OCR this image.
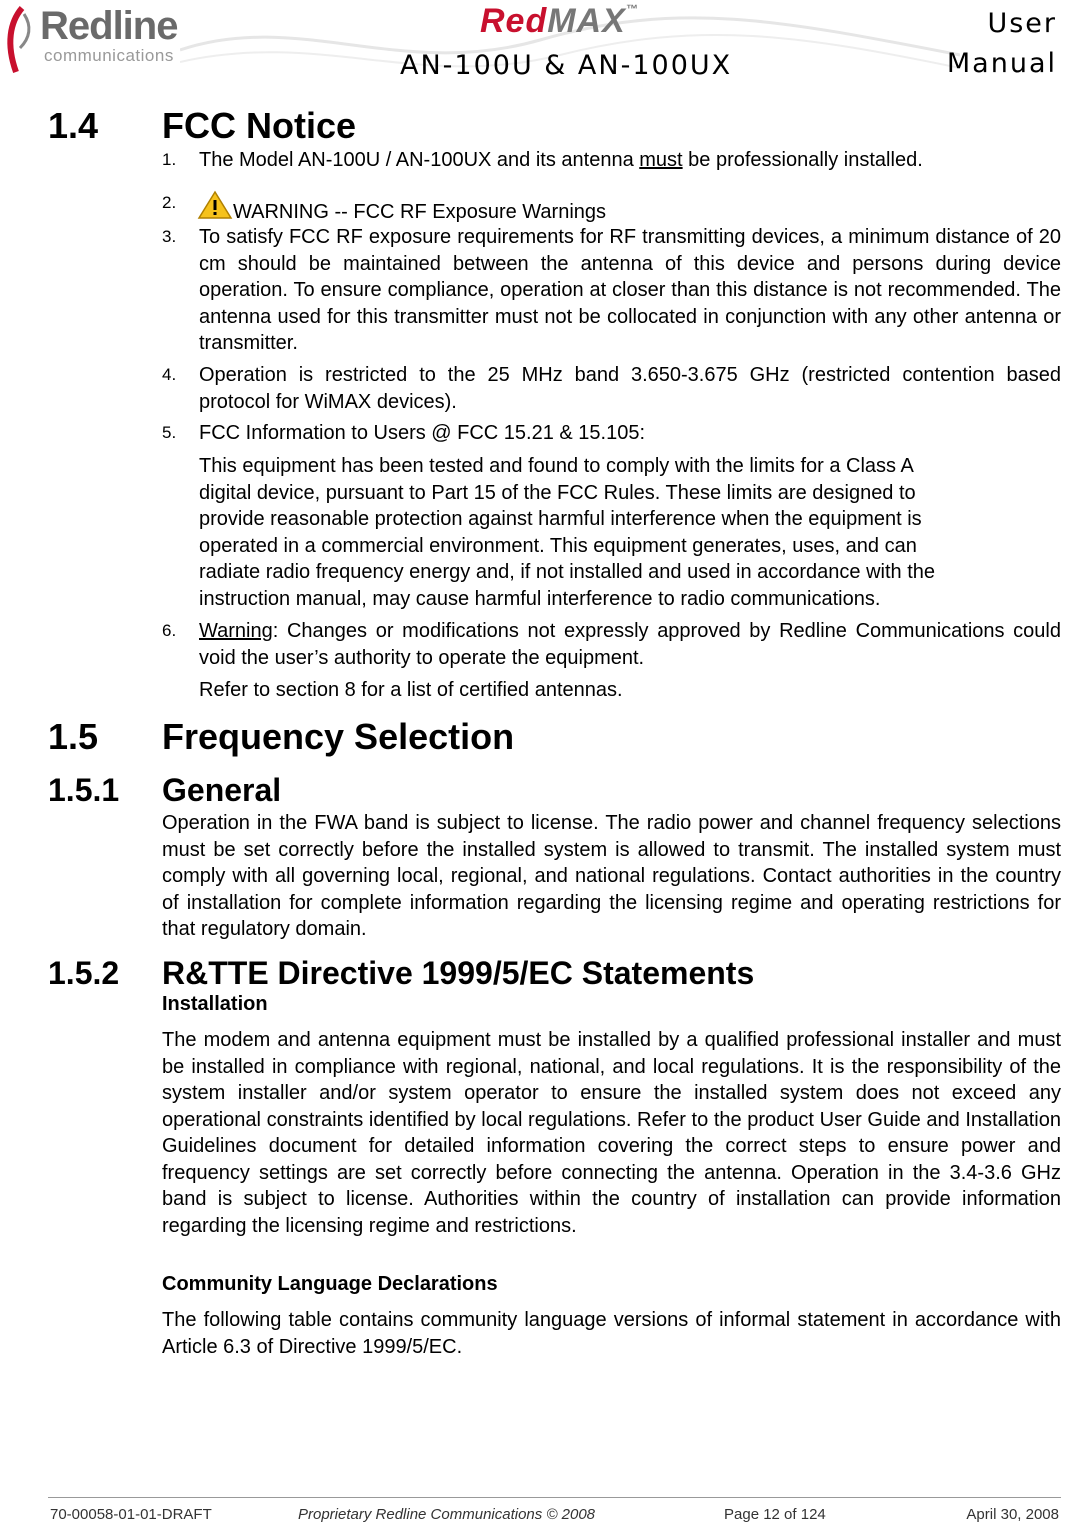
Redline
communications
RedMAX™
AN-100U & AN-100UX
User
Manual
1.4 FCC Notice
1. The Model AN-100U / AN-100UX and its antenna must be professionally installed.
2.	WARNING -- FCC RF Exposure Warnings
3. To satisfy FCC RF exposure requirements for RF transmitting devices, a minimum distance of 20 cm should be maintained between the antenna of this device and persons during device operation. To ensure compliance, operation at closer than this distance is not recommended. The antenna used for this transmitter must not be collocated in conjunction with any other antenna or transmitter.
4. Operation is restricted to the 25 MHz band 3.650-3.675 GHz (restricted contention based protocol for WiMAX devices).
5. FCC Information to Users @ FCC 15.21 & 15.105:
This equipment has been tested and found to comply with the limits for a Class A
digital device, pursuant to Part 15 of the FCC Rules. These limits are designed to
provide reasonable protection against harmful interference when the equipment is
operated in a commercial environment. This equipment generates, uses, and can
radiate radio frequency energy and, if not installed and used in accordance with the
instruction manual, may cause harmful interference to radio communications.
6. Warning: Changes or modifications not expressly approved by Redline Communications could void the user’s authority to operate the equipment.
Refer to section 8 for a list of certified antennas.
1.5 Frequency Selection
1.5.1 General
Operation in the FWA band is subject to license. The radio power and channel frequency selections must be set correctly before the installed system is allowed to transmit. The installed system must comply with all governing local, regional, and national regulations. Contact authorities in the country of installation for complete information regarding the licensing regime and operating restrictions for that regulatory domain.
1.5.2 R&TTE Directive 1999/5/EC Statements
Installation
The modem and antenna equipment must be installed by a qualified professional installer and must be installed in compliance with regional, national, and local regulations. It is the responsibility of the system installer and/or system operator to ensure the installed system does not exceed any operational constraints identified by local regulations. Refer to the product User Guide and Installation Guidelines document for detailed information covering the correct steps to ensure power and frequency settings are set correctly before connecting the antenna. Operation in the 3.4-3.6 GHz band is subject to license. Authorities within the country of installation can provide information regarding the licensing regime and restrictions.
Community Language Declarations
The following table contains community language versions of informal statement in accordance with Article 6.3 of Directive 1999/5/EC.
70-00058-01-01-DRAFT	Proprietary Redline Communications © 2008	Page 12 of 124	April 30, 2008
